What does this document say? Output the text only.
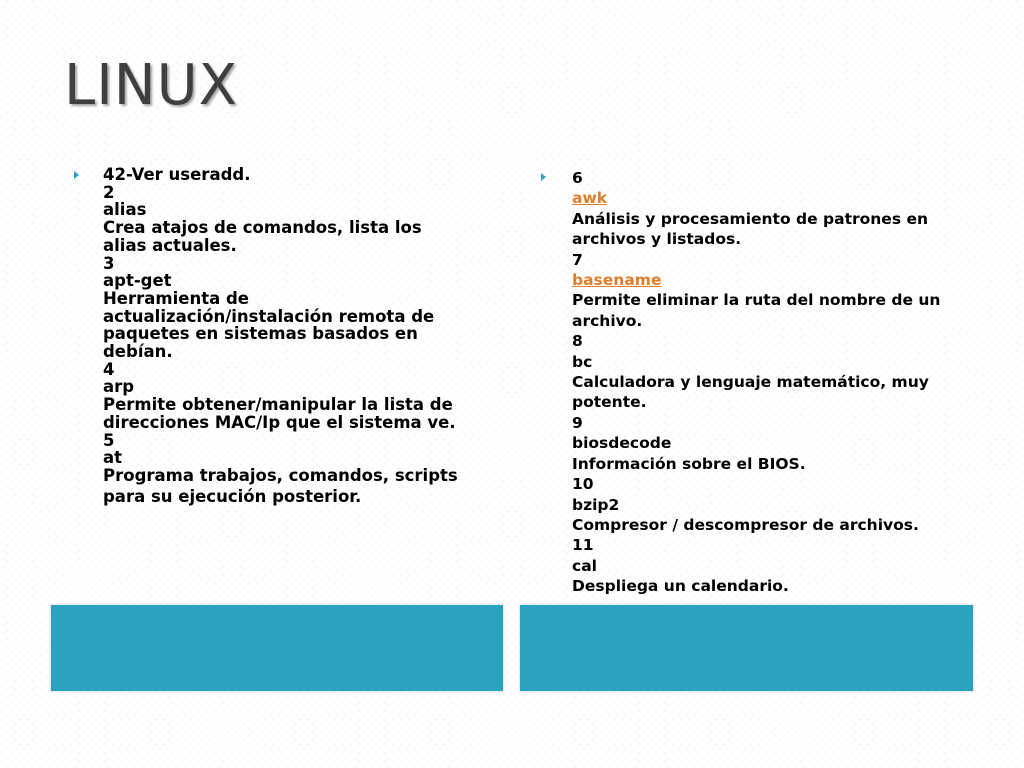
LINUX
42-Ver useradd.
2
alias
Crea atajos de comandos, lista los
alias actuales.
3
apt-get
Herramienta de
actualización/instalación remota de
paquetes en sistemas basados en
debían.
4
arp
Permite obtener/manipular la lista de
direcciones MAC/Ip que el sistema ve.
5
at
Programa trabajos, comandos, scripts
para su ejecución posterior.
6
awk
Análisis y procesamiento de patrones en
archivos y listados.
7
basename
Permite eliminar la ruta del nombre de un
archivo.
8
bc
Calculadora y lenguaje matemático, muy
potente.
9
biosdecode
Información sobre el BIOS.
10
bzip2
Compresor / descompresor de archivos.
11
cal
Despliega un calendario.
